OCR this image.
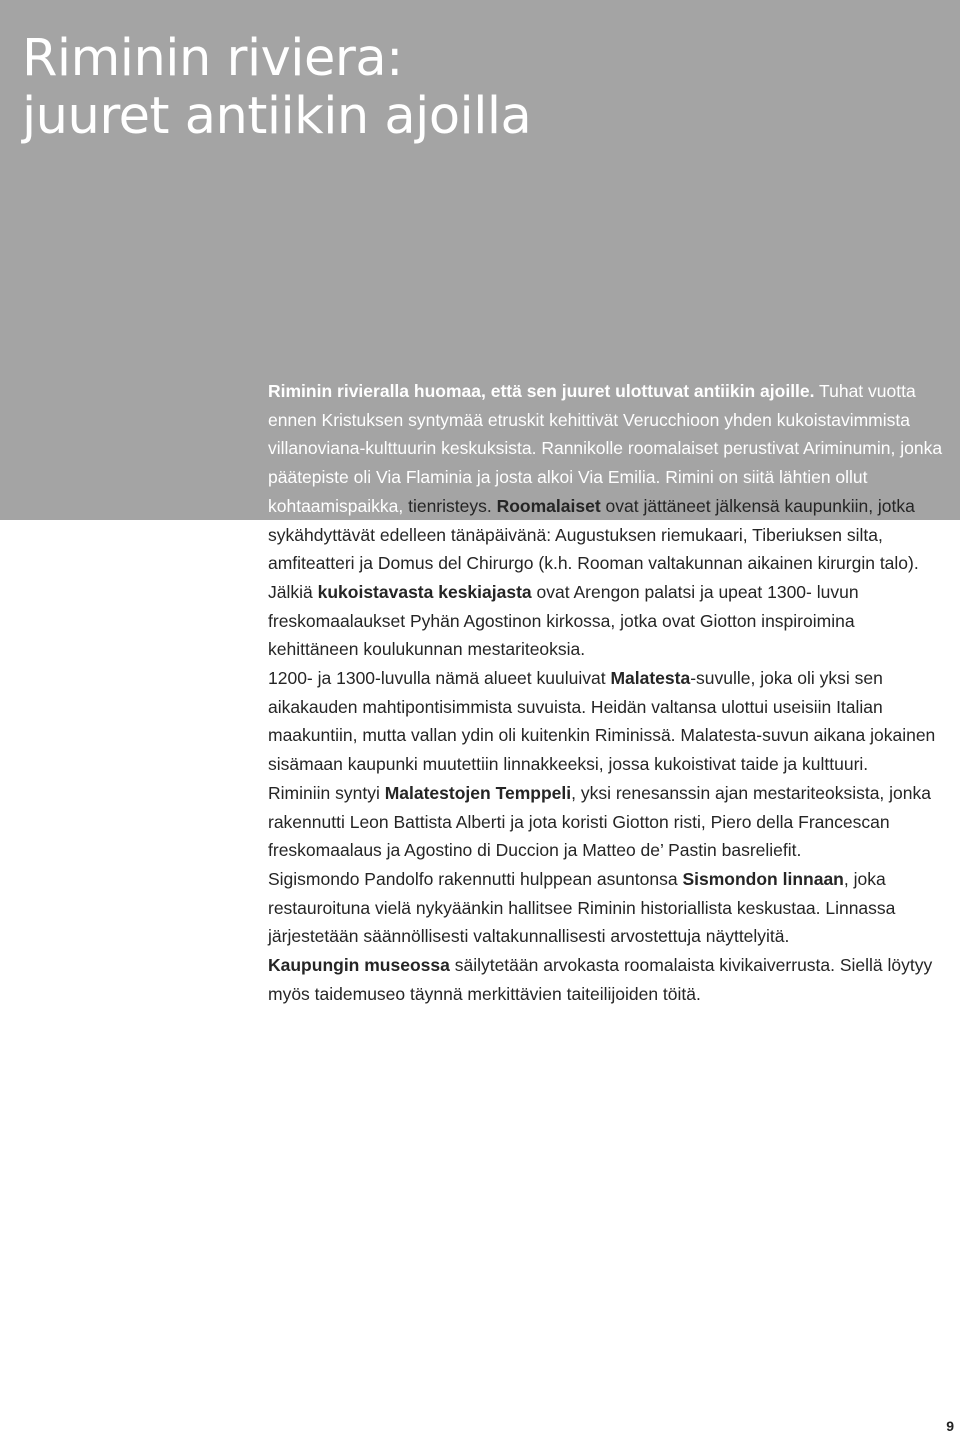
Riminin riviera:
juuret antiikin ajoilla

Riminin rivieralla huomaa, että sen juuret ulottuvat antiikin ajoille. Tuhat vuotta ennen Kristuksen syntymää etruskit kehittivät Verucchioon yhden kukoistavimmista villanoviana-kulttuurin keskuksista. Rannikolle roomalaiset perustivat Ariminumin, jonka päätepiste oli Via Flaminia ja josta alkoi Via Emilia. Rimini on siitä lähtien ollut kohtaamispaikka, tienristeys. Roomalaiset ovat jättäneet jälkensä kaupunkiin, jotka sykähdyttävät edelleen tänäpäivänä: Augustuksen riemukaari, Tiberiuksen silta, amfiteatteri ja Domus del Chirurgo (k.h. Rooman valtakunnan aikainen kirurgin talo). Jälkiä kukoistavasta keskiajasta ovat Arengon palatsi ja upeat 1300- luvun freskomaalaukset Pyhän Agostinon kirkossa, jotka ovat Giotton inspiroimina kehittäneen koulukunnan mestariteoksia.

1200- ja 1300-luvulla nämä alueet kuuluivat Malatesta-suvulle, joka oli yksi sen aikakauden mahtipontisimmista suvuista. Heidän valtansa ulottui useisiin Italian maakuntiin, mutta vallan ydin oli kuitenkin Riminissä. Malatesta-suvun aikana jokainen sisämaan kaupunki muutettiin linnakkeeksi, jossa kukoistivat taide ja kulttuuri.

Riminiin syntyi Malatestojen Temppeli, yksi renesanssin ajan mestariteoksista, jonka rakennutti Leon Battista Alberti ja jota koristi Giotton risti, Piero della Francescan freskomaalaus ja Agostino di Duccion ja Matteo de’ Pastin basreliefit.

Sigismondo Pandolfo rakennutti hulppean asuntonsa Sismondon linnaan, joka restauroituna vielä nykyäänkin hallitsee Riminin historiallista keskustaa. Linnassa järjestetään säännöllisesti valtakunnallisesti arvostettuja näyttelyitä.

Kaupungin museossa säilytetään arvokasta roomalaista kivikaiverrusta. Siellä löytyy myös taidemuseo täynnä merkittävien taiteilijoiden töitä.

9
